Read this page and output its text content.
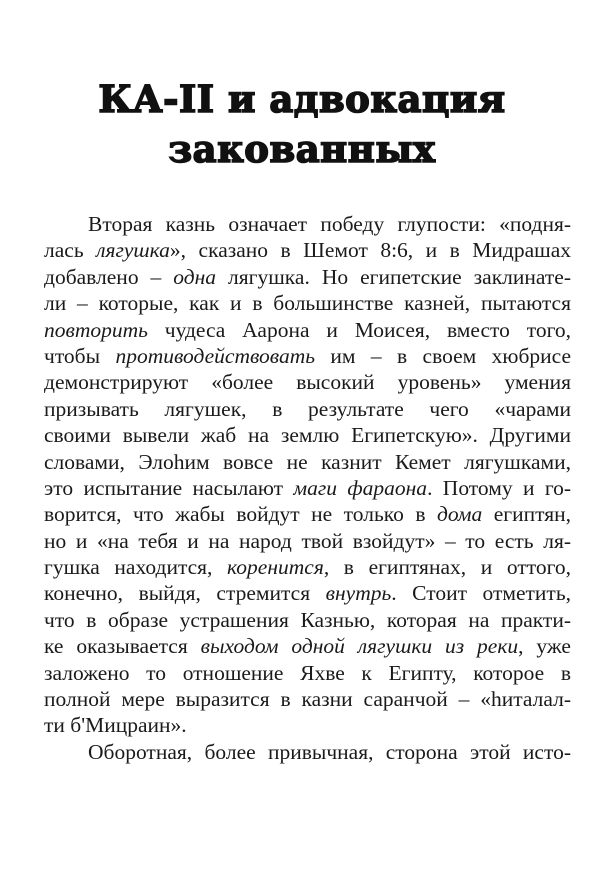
КА-II и адвокация
закованных
Вторая казнь означает победу глупости: «подня-
лась лягушка», сказано в Шемот 8:6, и в Мидрашах
добавлено – одна лягушка. Но египетские заклинате-
ли – которые, как и в большинстве казней, пытаются
повторить чудеса Аарона и Моисея, вместо того,
чтобы противодействовать им – в своем хюбрисе
демонстрируют «более высокий уровень» умения
призывать лягушек, в результате чего «чарами
своими вывели жаб на землю Египетскую». Другими
словами, Элоһим вовсе не казнит Кемет лягушками,
это испытание насылают маги фараона. Потому и го-
ворится, что жабы войдут не только в дома египтян,
но и «на тебя и на народ твой взойдут» – то есть ля-
гушка находится, коренится, в египтянах, и оттого,
конечно, выйдя, стремится внутрь. Стоит отметить,
что в образе устрашения Казнью, которая на практи-
ке оказывается выходом одной лягушки из реки, уже
заложено то отношение Яхве к Египту, которое в
полной мере выразится в казни саранчой – «һиталал-
ти б'Мицраин».
Оборотная, более привычная, сторона этой исто-
